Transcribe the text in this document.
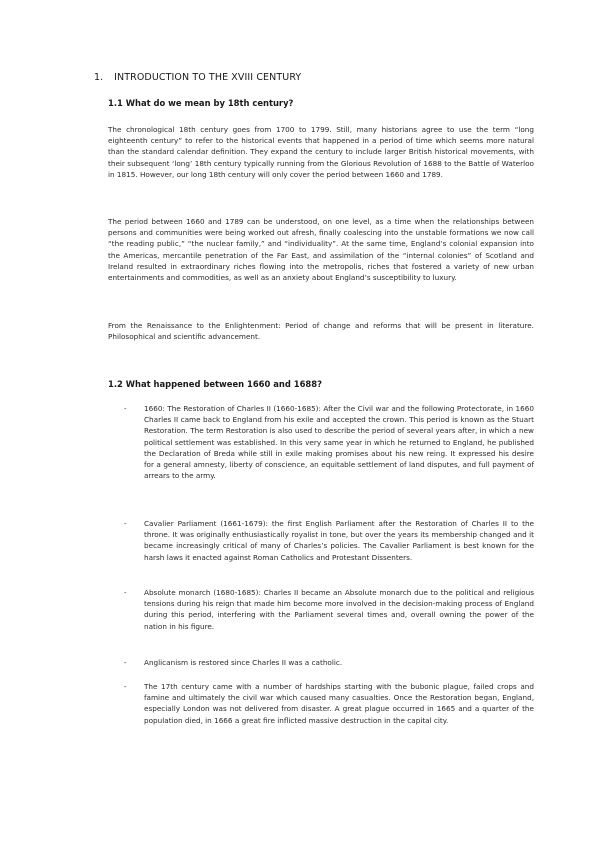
1. INTRODUCTION TO THE XVIII CENTURY
1.1 What do we mean by 18th century?

The chronological 18th century goes from 1700 to 1799. Still, many historians agree to use the term “long eighteenth century” to refer to the historical events that happened in a period of time which seems more natural than the standard calendar definition. They expand the century to include larger British historical movements, with their subsequent ‘long’ 18th century typically running from the Glorious Revolution of 1688 to the Battle of Waterloo in 1815. However, our long 18th century will only cover the period between 1660 and 1789.

The period between 1660 and 1789 can be understood, on one level, as a time when the relationships between persons and communities were being worked out afresh, finally coalescing into the unstable formations we now call “the reading public,” “the nuclear family,” and “individuality”. At the same time, England’s colonial expansion into the Americas, mercantile penetration of the Far East, and assimilation of the “internal colonies” of Scotland and Ireland resulted in extraordinary riches flowing into the metropolis, riches that fostered a variety of new urban entertainments and commodities, as well as an anxiety about England’s susceptibility to luxury.

From the Renaissance to the Enlightenment: Period of change and reforms that will be present in literature. Philosophical and scientific advancement.

1.2 What happened between 1660 and 1688?
- 1660: The Restoration of Charles II (1660-1685): After the Civil war and the following Protectorate, in 1660 Charles II came back to England from his exile and accepted the crown. This period is known as the Stuart Restoration. The term Restoration is also used to describe the period of several years after, in which a new political settlement was established. In this very same year in which he returned to England, he published the Declaration of Breda while still in exile making promises about his new reing. It expressed his desire for a general amnesty, liberty of conscience, an equitable settlement of land disputes, and full payment of arrears to the army.

- Cavalier Parliament (1661-1679): the first English Parliament after the Restoration of Charles II to the throne. It was originally enthusiastically royalist in tone, but over the years its membership changed and it became increasingly critical of many of Charles’s policies. The Cavalier Parliament is best known for the harsh laws it enacted against Roman Catholics and Protestant Dissenters.

- Absolute monarch (1680-1685): Charles II became an Absolute monarch due to the political and religious tensions during his reign that made him become more involved in the decision-making process of England during this period, interfering with the Parliament several times and, overall owning the power of the nation in his figure.

- Anglicanism is restored since Charles II was a catholic.

- The 17th century came with a number of hardships starting with the bubonic plague, failed crops and famine and ultimately the civil war which caused many casualties. Once the Restoration began, England, especially London was not delivered from disaster. A great plague occurred in 1665 and a quarter of the population died, in 1666 a great fire inflicted massive destruction in the capital city.
